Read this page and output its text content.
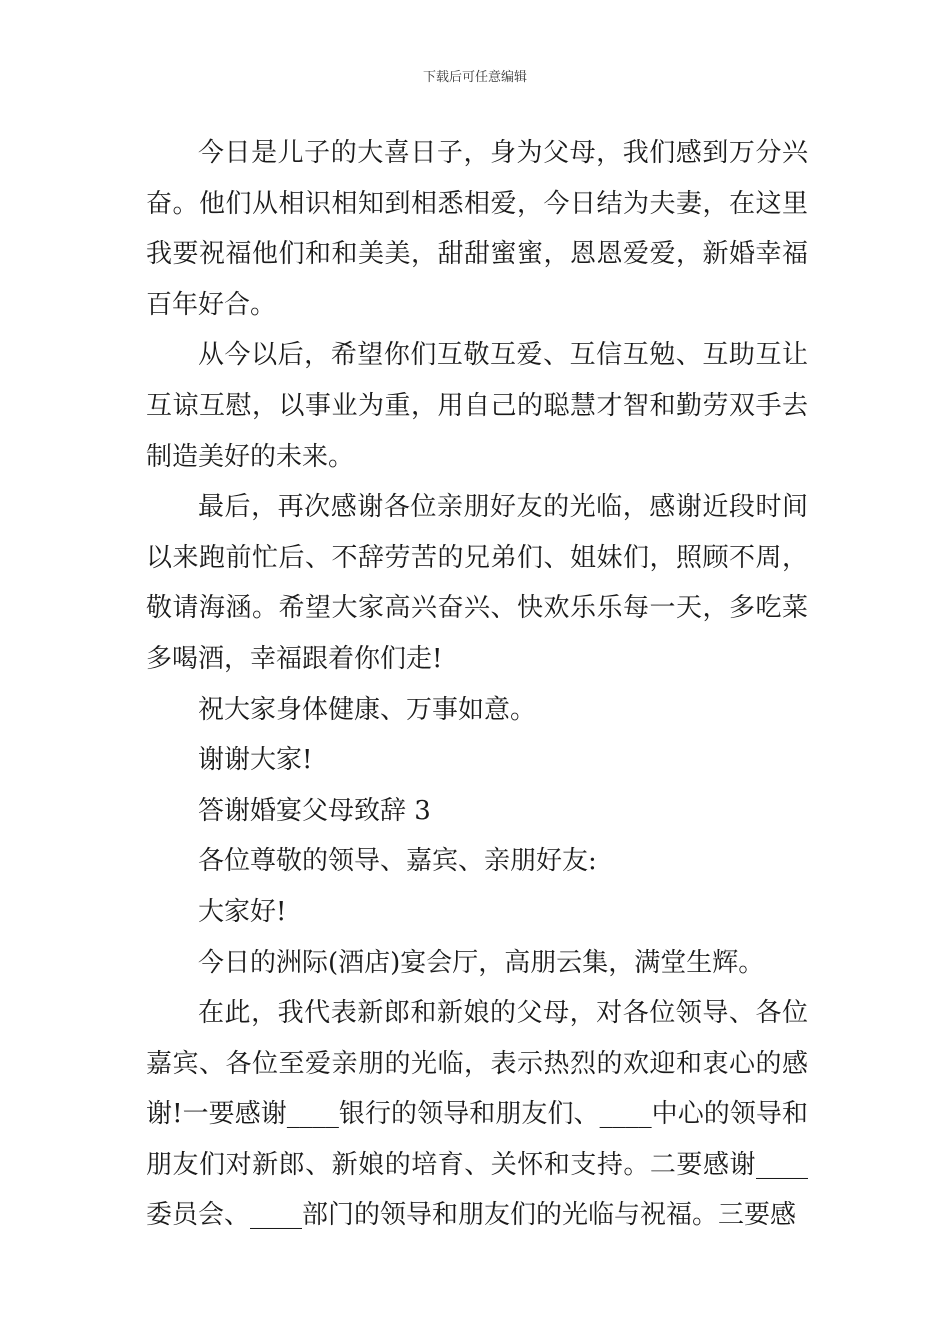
下载后可任意编辑

今日是儿子的大喜日子，身为父母，我们感到万分兴奋。他们从相识相知到相悉相爱，今日结为夫妻，在这里我要祝福他们和和美美，甜甜蜜蜜，恩恩爱爱，新婚幸福百年好合。

从今以后，希望你们互敬互爱、互信互勉、互助互让互谅互慰，以事业为重，用自己的聪慧才智和勤劳双手去制造美好的未来。

最后，再次感谢各位亲朋好友的光临，感谢近段时间以来跑前忙后、不辞劳苦的兄弟们、姐妹们，照顾不周，敬请海涵。希望大家高兴奋兴、快欢乐乐每一天，多吃菜多喝酒，幸福跟着你们走!

祝大家身体健康、万事如意。

谢谢大家!

答谢婚宴父母致辞 3

各位尊敬的领导、嘉宾、亲朋好友:

大家好!

今日的洲际(酒店)宴会厅，高朋云集，满堂生辉。

在此，我代表新郎和新娘的父母，对各位领导、各位嘉宾、各位至爱亲朋的光临，表示热烈的欢迎和衷心的感谢!一要感谢____银行的领导和朋友们、____中心的领导和朋友们对新郎、新娘的培育、关怀和支持。二要感谢____委员会、____部门的领导和朋友们的光临与祝福。三要感
